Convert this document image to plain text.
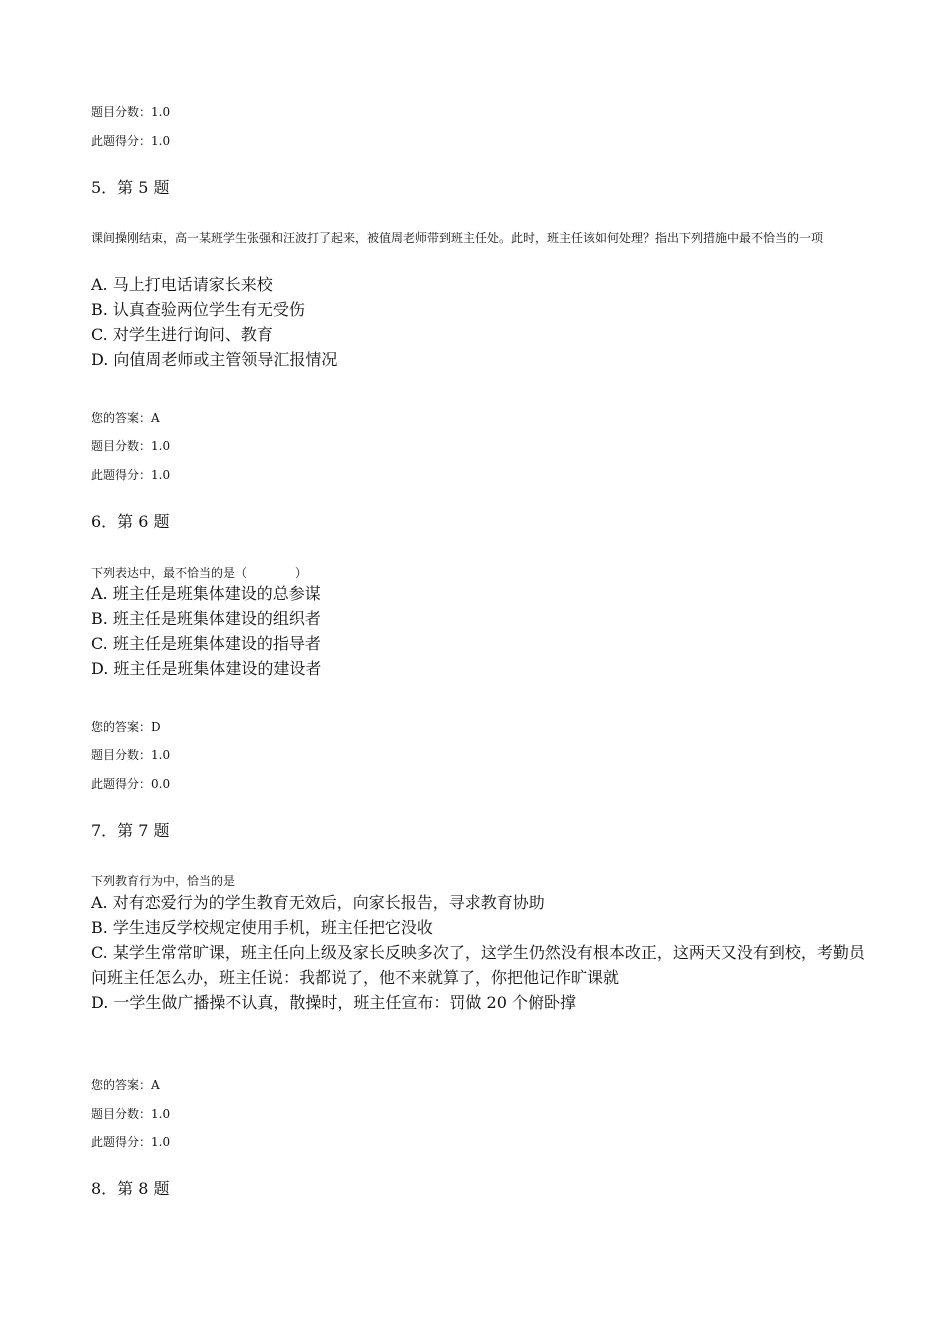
题目分数：1.0
此题得分：1.0
5．第 5 题
课间操刚结束，高一某班学生张强和汪波打了起来，被值周老师带到班主任处。此时，班主任该如何处理？指出下列措施中最不恰当的一项
A. 马上打电话请家长来校
B. 认真查验两位学生有无受伤
C. 对学生进行询问、教育
D. 向值周老师或主管领导汇报情况
您的答案：A
题目分数：1.0
此题得分：1.0
6．第 6 题
下列表达中，最不恰当的是（　　　　）
A. 班主任是班集体建设的总参谋
B. 班主任是班集体建设的组织者
C. 班主任是班集体建设的指导者
D. 班主任是班集体建设的建设者
您的答案：D
题目分数：1.0
此题得分：0.0
7．第 7 题
下列教育行为中，恰当的是
A. 对有恋爱行为的学生教育无效后，向家长报告，寻求教育协助
B. 学生违反学校规定使用手机，班主任把它没收
C. 某学生常常旷课，班主任向上级及家长反映多次了，这学生仍然没有根本改正，这两天又没有到校，考勤员问班主任怎么办，班主任说：我都说了，他不来就算了，你把他记作旷课就
D. 一学生做广播操不认真，散操时，班主任宣布：罚做 20 个俯卧撑
您的答案：A
题目分数：1.0
此题得分：1.0
8．第 8 题
